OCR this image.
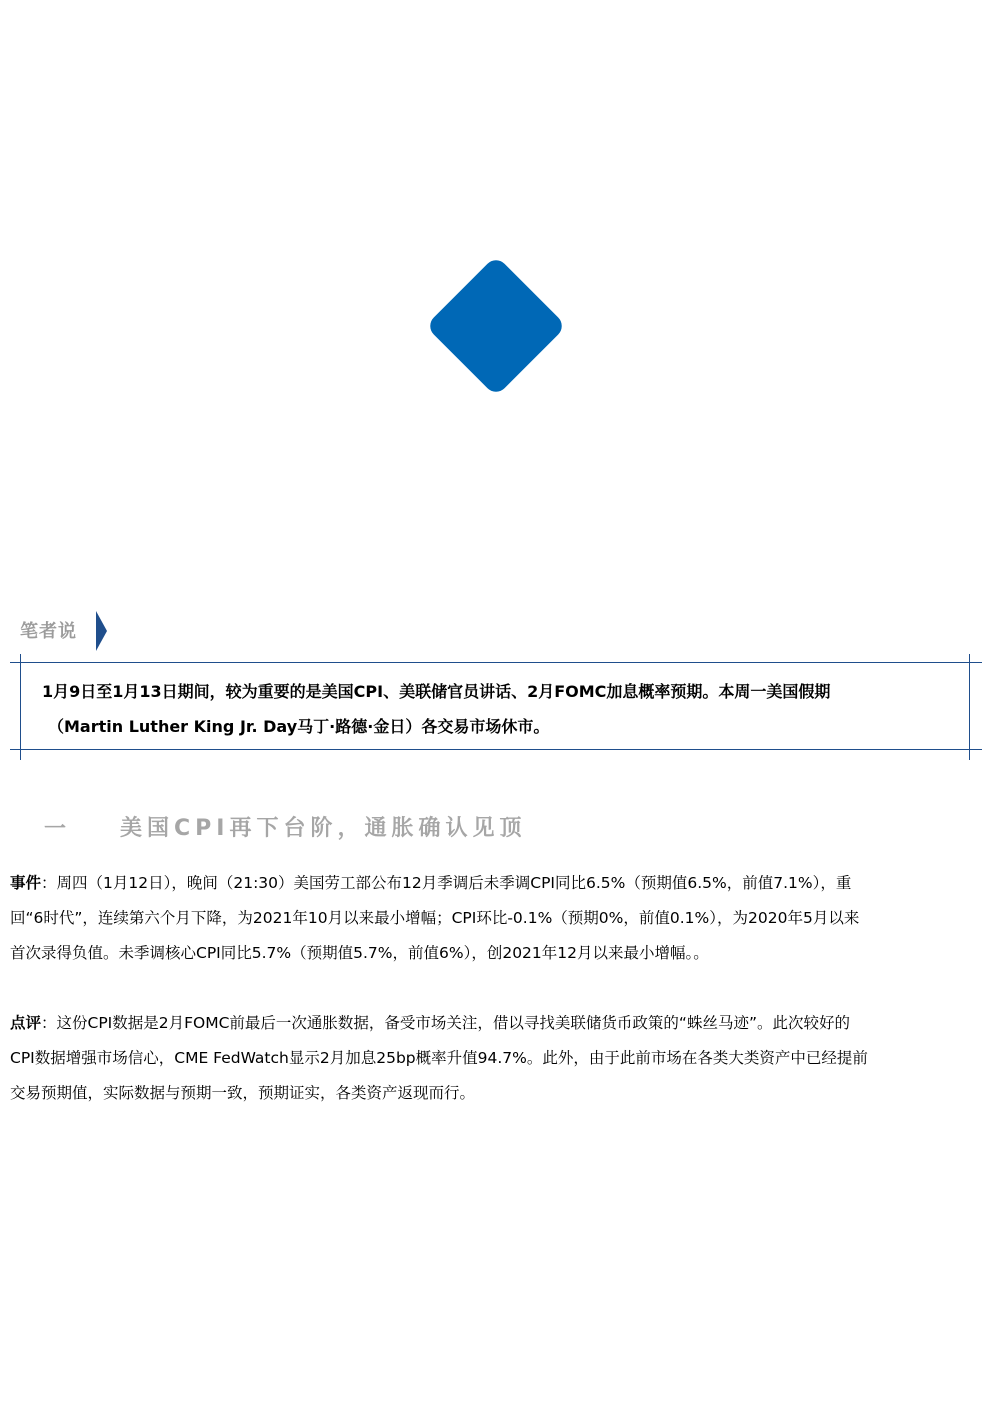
笔者说
1月9日至1月13日期间，较为重要的是美国CPI、美联储官员讲话、2月FOMC加息概率预期。本周一美国假期
（Martin Luther King Jr. Day马丁·路德·金日）各交易市场休市。
一 美国CPI再下台阶，通胀确认见顶
事件：周四（1月12日），晚间（21:30）美国劳工部公布12月季调后未季调CPI同比6.5%（预期值6.5%，前值7.1%），重
回“6时代”，连续第六个月下降，为2021年10月以来最小增幅；CPI环比-0.1%（预期0%，前值0.1%），为2020年5月以来
首次录得负值。未季调核心CPI同比5.7%（预期值5.7%，前值6%），创2021年12月以来最小增幅。。
点评：这份CPI数据是2月FOMC前最后一次通胀数据，备受市场关注，借以寻找美联储货币政策的“蛛丝马迹”。此次较好的
CPI数据增强市场信心，CME FedWatch显示2月加息25bp概率升值94.7%。此外，由于此前市场在各类大类资产中已经提前
交易预期值，实际数据与预期一致，预期证实，各类资产返现而行。
